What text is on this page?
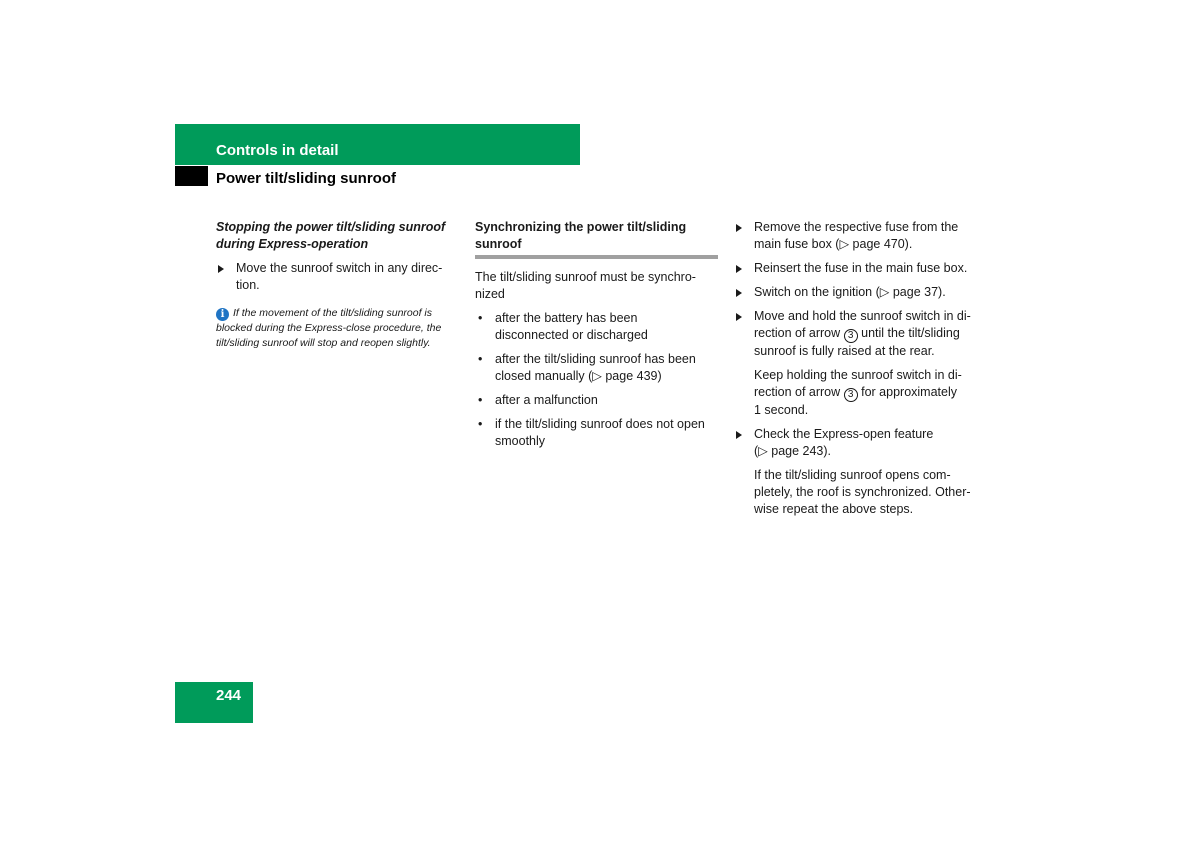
Controls in detail
Power tilt/sliding sunroof
Stopping the power tilt/sliding sunroof
during Express-operation
Move the sunroof switch in any direc-
tion.
i If the movement of the tilt/sliding sunroof is
blocked during the Express-close procedure, the
tilt/sliding sunroof will stop and reopen slightly.
Synchronizing the power tilt/sliding
sunroof
The tilt/sliding sunroof must be synchro-
nized
• after the battery has been
disconnected or discharged
• after the tilt/sliding sunroof has been
closed manually (▷ page 439)
• after a malfunction
• if the tilt/sliding sunroof does not open
smoothly
Remove the respective fuse from the
main fuse box (▷ page 470).
Reinsert the fuse in the main fuse box.
Switch on the ignition (▷ page 37).
Move and hold the sunroof switch in di-
rection of arrow 3 until the tilt/sliding
sunroof is fully raised at the rear.
Keep holding the sunroof switch in di-
rection of arrow 3 for approximately
1 second.
Check the Express-open feature
(▷ page 243).
If the tilt/sliding sunroof opens com-
pletely, the roof is synchronized. Other-
wise repeat the above steps.
244
